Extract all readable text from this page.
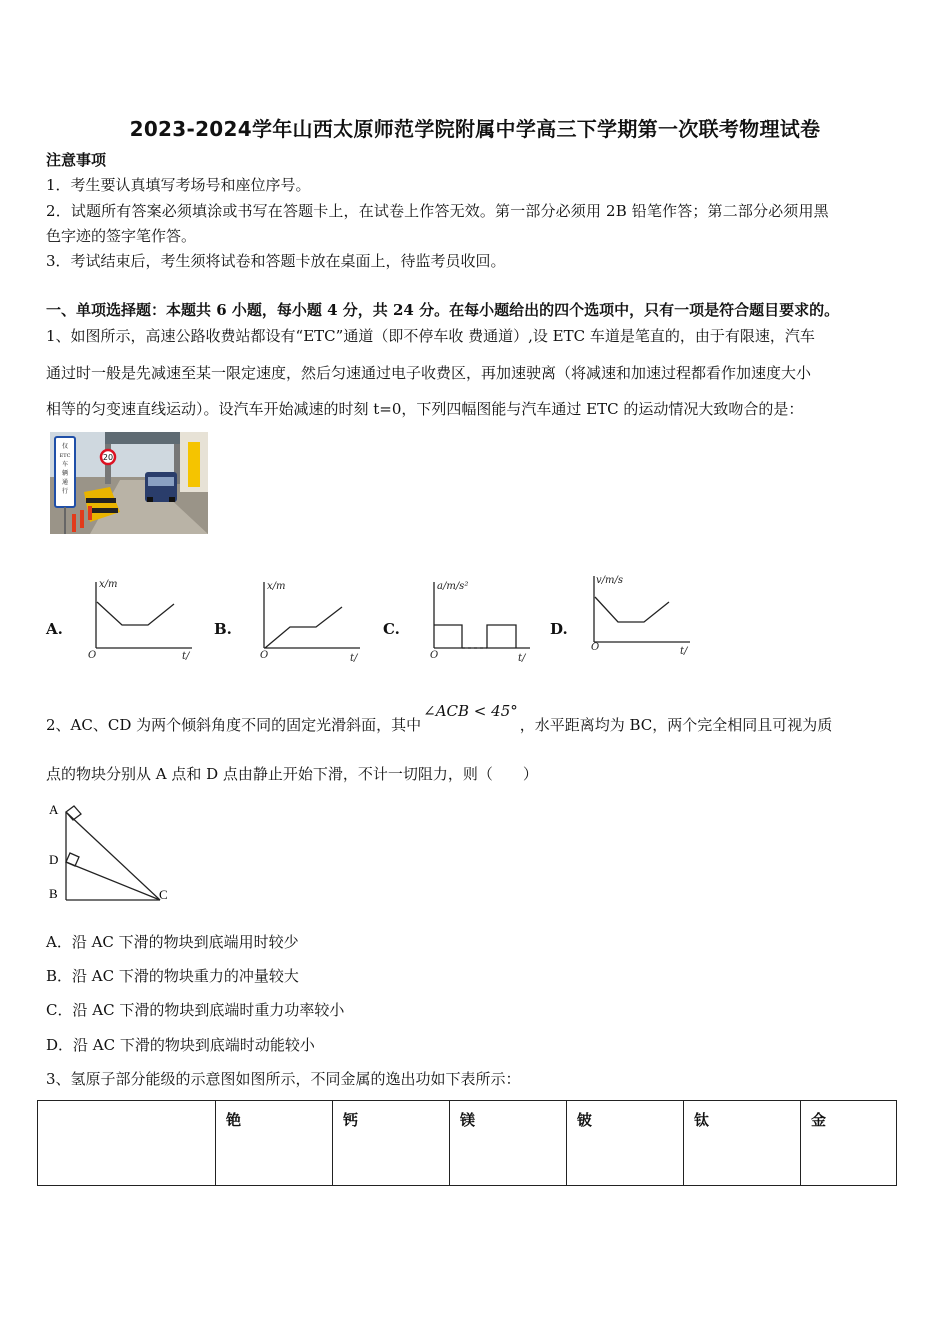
2023-2024学年山西太原师范学院附属中学高三下学期第一次联考物理试卷
注意事项
1．考生要认真填写考场号和座位序号。
2．试题所有答案必须填涂或书写在答题卡上，在试卷上作答无效。第一部分必须用 2B 铅笔作答；第二部分必须用黑
色字迹的签字笔作答。
3．考试结束后，考生须将试卷和答题卡放在桌面上，待监考员收回。
一、单项选择题：本题共 6 小题，每小题 4 分，共 24 分。在每小题给出的四个选项中，只有一项是符合题目要求的。
1、如图所示，高速公路收费站都设有“ETC”通道（即不停车收 费通道）,设 ETC 车道是笔直的，由于有限速，汽车
通过时一般是先减速至某一限定速度，然后匀速通过电子收费区，再加速驶离（将减速和加速过程都看作加速度大小
相等的匀变速直线运动）。设汽车开始减速的时刻 t=0，下列四幅图能与汽车通过 ETC 的运动情况大致吻合的是：
20
仅
ETC
车
辆
通
行
A.
x/m
O	t/
B.
x/m
O	t/
C.
a/m/s²
O	t/
D.
v/m/s
O	t/
2、AC、CD 为两个倾斜角度不同的固定光滑斜面，其中∠ACB < 45°，水平距离均为 BC，两个完全相同且可视为质
点的物块分别从 A 点和 D 点由静止开始下滑，不计一切阻力，则（　　）
A
D
B	C
A．沿 AC 下滑的物块到底端用时较少
B．沿 AC 下滑的物块重力的冲量较大
C．沿 AC 下滑的物块到底端时重力功率较小
D．沿 AC 下滑的物块到底端时动能较小
3、氢原子部分能级的示意图如图所示，不同金属的逸出功如下表所示：
	铯	钙	镁	铍	钛	金
